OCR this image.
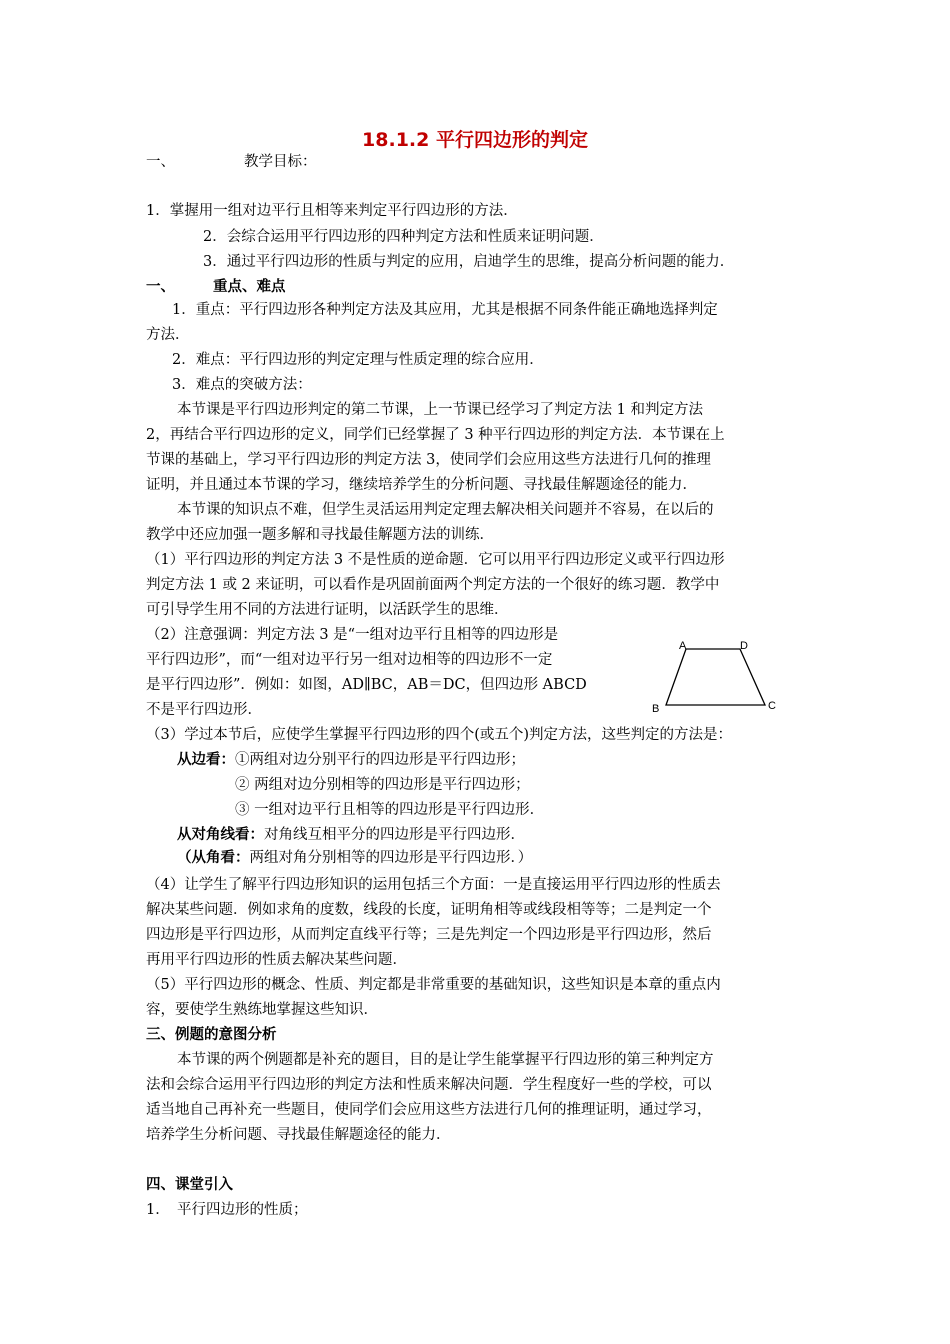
18.1.2 平行四边形的判定
一、	教学目标：
1．掌握用一组对边平行且相等来判定平行四边形的方法．
2．会综合运用平行四边形的四种判定方法和性质来证明问题．
3．通过平行四边形的性质与判定的应用，启迪学生的思维，提高分析问题的能力．
一、	重点、难点
1．重点：平行四边形各种判定方法及其应用，尤其是根据不同条件能正确地选择判定
方法．
2．难点：平行四边形的判定定理与性质定理的综合应用．
3．难点的突破方法：
本节课是平行四边形判定的第二节课，上一节课已经学习了判定方法 1 和判定方法
2，再结合平行四边形的定义，同学们已经掌握了 3 种平行四边形的判定方法．本节课在上
节课的基础上，学习平行四边形的判定方法 3，使同学们会应用这些方法进行几何的推理
证明，并且通过本节课的学习，继续培养学生的分析问题、寻找最佳解题途径的能力．
本节课的知识点不难，但学生灵活运用判定定理去解决相关问题并不容易，在以后的
教学中还应加强一题多解和寻找最佳解题方法的训练．
（1）平行四边形的判定方法 3 不是性质的逆命题．它可以用平行四边形定义或平行四边形
判定方法 1 或 2 来证明，可以看作是巩固前面两个判定方法的一个很好的练习题．教学中
可引导学生用不同的方法进行证明，以活跃学生的思维．
（2）注意强调：判定方法 3 是“一组对边平行且相等的四边形是
平行四边形”，而“一组对边平行另一组对边相等的四边形不一定
是平行四边形”．例如：如图，AD∥BC，AB＝DC，但四边形 ABCD
不是平行四边形．
A	D
B	C
（3）学过本节后，应使学生掌握平行四边形的四个(或五个)判定方法，这些判定的方法是：
从边看：①两组对边分别平行的四边形是平行四边形；
② 两组对边分别相等的四边形是平行四边形；
③ 一组对边平行且相等的四边形是平行四边形．
从对角线看：对角线互相平分的四边形是平行四边形．
（从角看：两组对角分别相等的四边形是平行四边形．）
（4）让学生了解平行四边形知识的运用包括三个方面：一是直接运用平行四边形的性质去
解决某些问题．例如求角的度数，线段的长度，证明角相等或线段相等等；二是判定一个
四边形是平行四边形，从而判定直线平行等；三是先判定一个四边形是平行四边形，然后
再用平行四边形的性质去解决某些问题．
（5）平行四边形的概念、性质、判定都是非常重要的基础知识，这些知识是本章的重点内
容，要使学生熟练地掌握这些知识．
三、例题的意图分析
本节课的两个例题都是补充的题目，目的是让学生能掌握平行四边形的第三种判定方
法和会综合运用平行四边形的判定方法和性质来解决问题．学生程度好一些的学校，可以
适当地自己再补充一些题目，使同学们会应用这些方法进行几何的推理证明，通过学习，
培养学生分析问题、寻找最佳解题途径的能力．
四、课堂引入
1． 平行四边形的性质；
